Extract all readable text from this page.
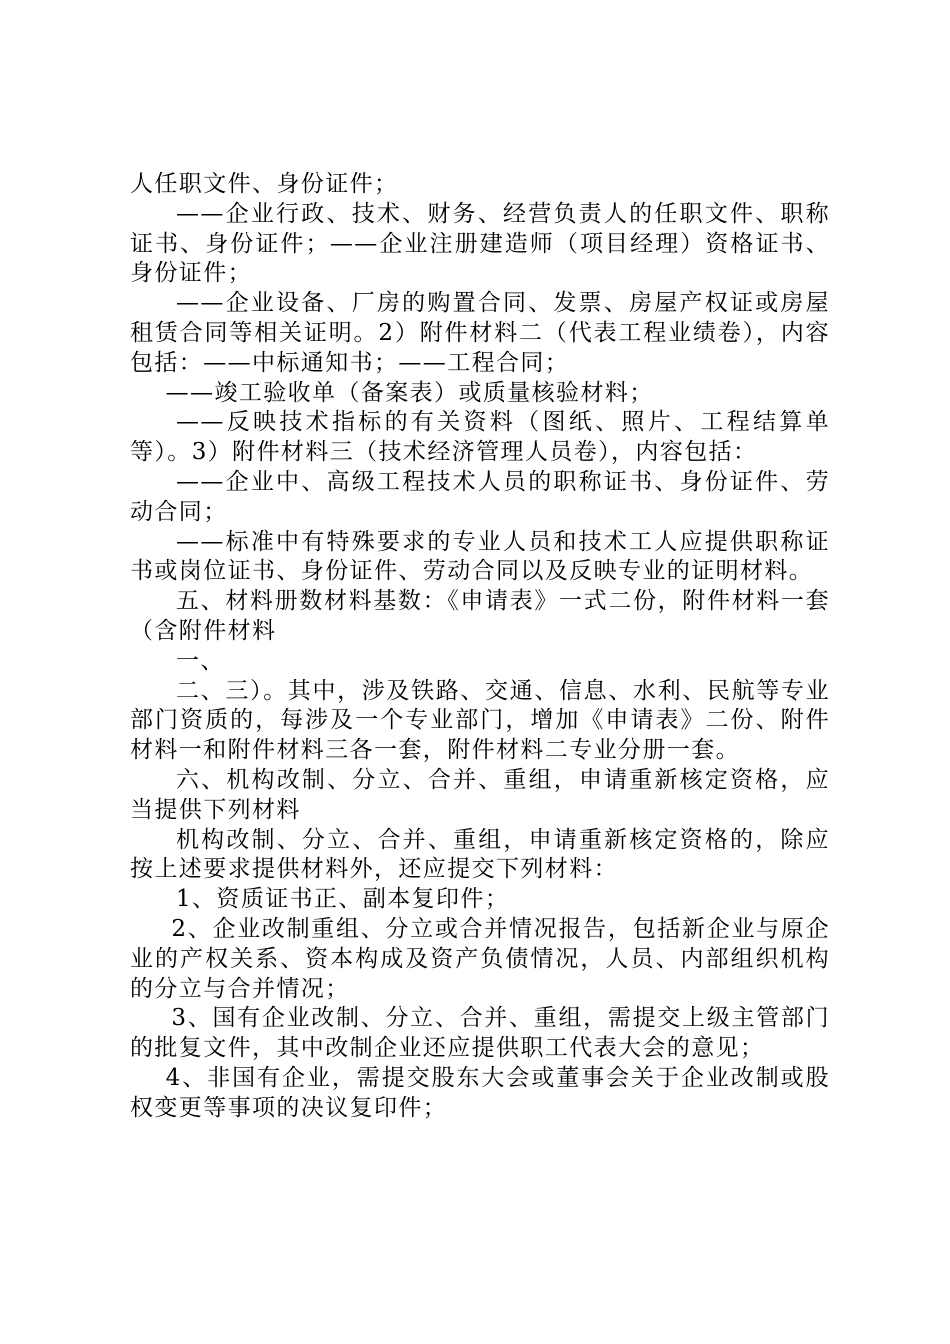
人任职文件、身份证件；

——企业行政、技术、财务、经营负责人的任职文件、职称证书、身份证件；——企业注册建造师（项目经理）资格证书、身份证件；

——企业设备、厂房的购置合同、发票、房屋产权证或房屋租赁合同等相关证明。2）附件材料二（代表工程业绩卷），内容包括：——中标通知书；——工程合同；

——竣工验收单（备案表）或质量核验材料；

——反映技术指标的有关资料（图纸、照片、工程结算单等）。3）附件材料三（技术经济管理人员卷），内容包括：

——企业中、高级工程技术人员的职称证书、身份证件、劳动合同；

——标准中有特殊要求的专业人员和技术工人应提供职称证书或岗位证书、身份证件、劳动合同以及反映专业的证明材料。

五、材料册数材料基数：《申请表》一式二份，附件材料一套（含附件材料

一、

二、三）。其中，涉及铁路、交通、信息、水利、民航等专业部门资质的，每涉及一个专业部门，增加《申请表》二份、附件材料一和附件材料三各一套，附件材料二专业分册一套。

六、机构改制、分立、合并、重组，申请重新核定资格，应当提供下列材料

机构改制、分立、合并、重组，申请重新核定资格的，除应按上述要求提供材料外，还应提交下列材料：

1、资质证书正、副本复印件；

2、企业改制重组、分立或合并情况报告，包括新企业与原企业的产权关系、资本构成及资产负债情况，人员、内部组织机构的分立与合并情况；

3、国有企业改制、分立、合并、重组，需提交上级主管部门的批复文件，其中改制企业还应提供职工代表大会的意见；

4、非国有企业，需提交股东大会或董事会关于企业改制或股权变更等事项的决议复印件；
